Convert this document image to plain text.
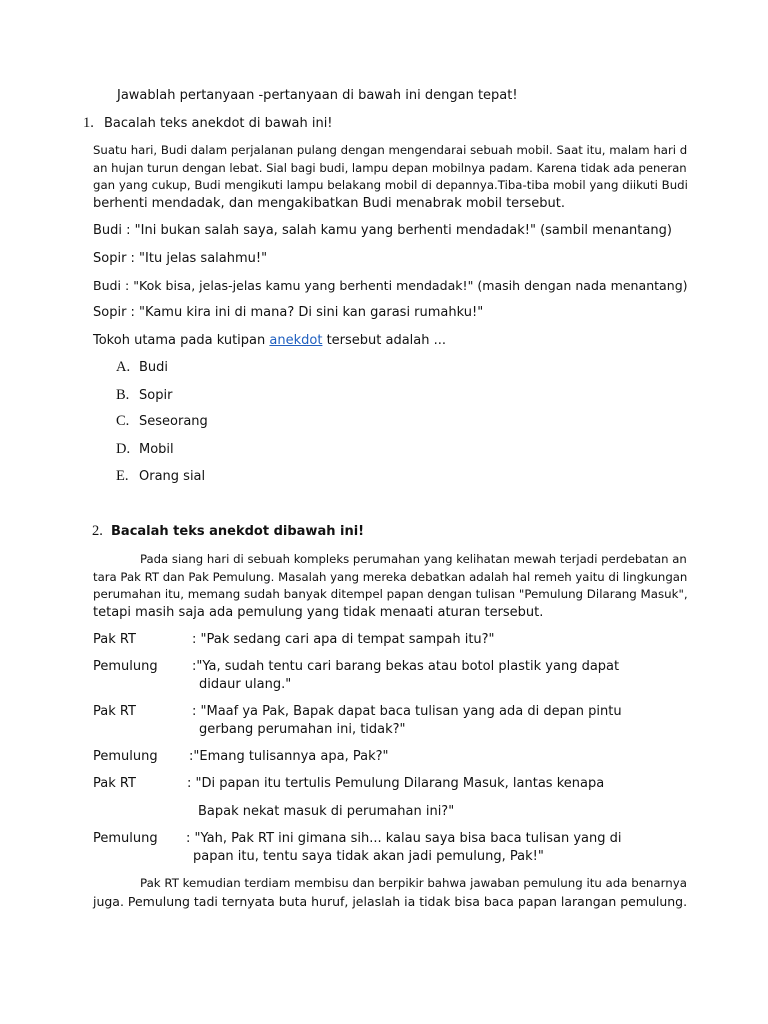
Jawablah pertanyaan -pertanyaan di bawah ini dengan tepat!
1. Bacalah teks anekdot di bawah ini!
Suatu hari, Budi dalam perjalanan pulang dengan mengendarai sebuah mobil. Saat itu, malam hari d
an hujan turun dengan lebat. Sial bagi budi, lampu depan mobilnya padam. Karena tidak ada peneran
gan yang cukup, Budi mengikuti lampu belakang mobil di depannya.Tiba-tiba mobil yang diikuti Budi
berhenti mendadak, dan mengakibatkan Budi menabrak mobil tersebut.
Budi : "Ini bukan salah saya, salah kamu yang berhenti mendadak!" (sambil menantang)
Sopir : "Itu jelas salahmu!"
Budi : "Kok bisa, jelas-jelas kamu yang berhenti mendadak!" (masih dengan nada menantang)
Sopir : "Kamu kira ini di mana? Di sini kan garasi rumahku!"
Tokoh utama pada kutipan anekdot tersebut adalah ...
A. Budi
B. Sopir
C. Seseorang
D. Mobil
E. Orang sial
2. Bacalah teks anekdot dibawah ini!
Pada siang hari di sebuah kompleks perumahan yang kelihatan mewah terjadi perdebatan an
tara Pak RT dan Pak Pemulung. Masalah yang mereka debatkan adalah hal remeh yaitu di lingkungan
perumahan itu, memang sudah banyak ditempel papan dengan tulisan "Pemulung Dilarang Masuk",
tetapi masih saja ada pemulung yang tidak menaati aturan tersebut.
Pak RT	: "Pak sedang cari apa di tempat sampah itu?"
Pemulung	:"Ya, sudah tentu cari barang bekas atau botol plastik yang dapat
didaur ulang."
Pak RT	: "Maaf ya Pak, Bapak dapat baca tulisan yang ada di depan pintu
gerbang perumahan ini, tidak?"
Pemulung :"Emang tulisannya apa, Pak?"
Pak RT	: "Di papan itu tertulis Pemulung Dilarang Masuk, lantas kenapa
Bapak nekat masuk di perumahan ini?"
Pemulung : "Yah, Pak RT ini gimana sih... kalau saya bisa baca tulisan yang di
papan itu, tentu saya tidak akan jadi pemulung, Pak!"
Pak RT kemudian terdiam membisu dan berpikir bahwa jawaban pemulung itu ada benarnya
juga. Pemulung tadi ternyata buta huruf, jelaslah ia tidak bisa baca papan larangan pemulung.
